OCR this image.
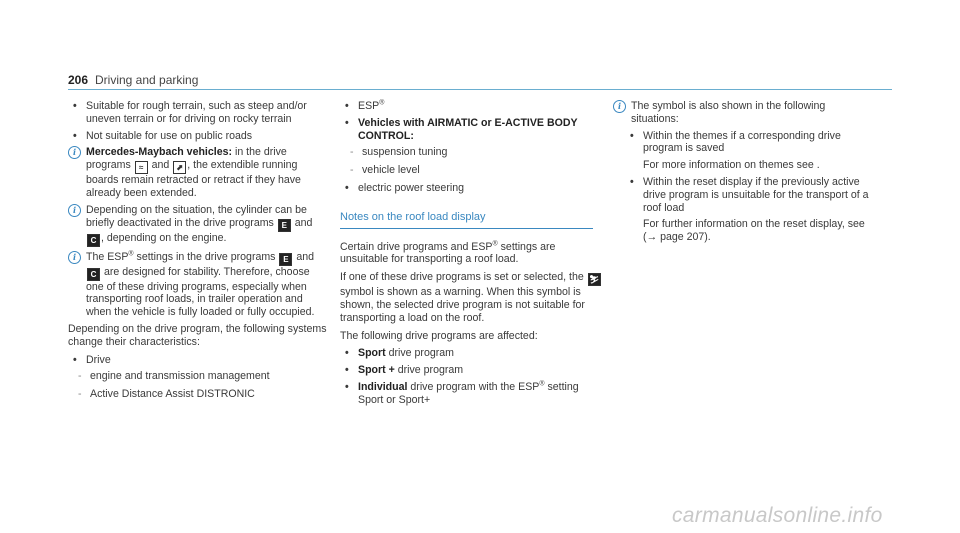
206 Driving and parking
• Suitable for rough terrain, such as steep and/or uneven terrain or for driving on rocky terrain
• Not suitable for use on public roads
i Mercedes-Maybach vehicles: in the drive programs ≈ and ⬈ , the extendible running boards remain retracted or retract if they have already been extended.
i Depending on the situation, the cylinder can be briefly deactivated in the drive programs E and C , depending on the engine.
i The ESP® settings in the drive programs E and C are designed for stability. Therefore, choose one of these driving programs, especially when transporting roof loads, in trailer operation and when the vehicle is fully loaded or fully occupied.
Depending on the drive program, the following systems change their characteristics:
• Drive
- engine and transmission management
- Active Distance Assist DISTRONIC
• ESP®
• Vehicles with AIRMATIC or E-ACTIVE BODY CONTROL:
- suspension tuning
- vehicle level
• electric power steering
Notes on the roof load display
Certain drive programs and ESP® settings are unsuitable for transporting a roof load.
If one of these drive programs is set or selected, the ⛷ symbol is shown as a warning. When this symbol is shown, the selected drive program is not suitable for transporting a load on the roof.
The following drive programs are affected:
• Sport drive program
• Sport + drive program
• Individual drive program with the ESP® setting Sport or Sport+
i The symbol is also shown in the following situations:
• Within the themes if a corresponding drive program is saved
For more information on themes see .
• Within the reset display if the previously active drive program is unsuitable for the transport of a roof load
For further information on the reset display, see (→ page 207).
carmanualsonline.info
